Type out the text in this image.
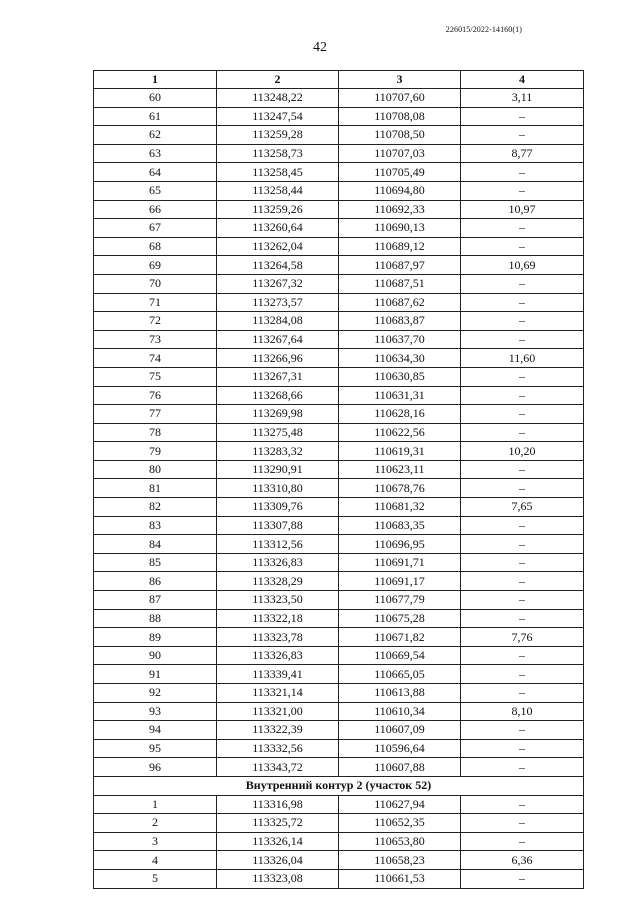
226015/2022-14160(1)
42
1	2	3	4
60	113248,22	110707,60	3,11
61	113247,54	110708,08	–
62	113259,28	110708,50	–
63	113258,73	110707,03	8,77
64	113258,45	110705,49	–
65	113258,44	110694,80	–
66	113259,26	110692,33	10,97
67	113260,64	110690,13	–
68	113262,04	110689,12	–
69	113264,58	110687,97	10,69
70	113267,32	110687,51	–
71	113273,57	110687,62	–
72	113284,08	110683,87	–
73	113267,64	110637,70	–
74	113266,96	110634,30	11,60
75	113267,31	110630,85	–
76	113268,66	110631,31	–
77	113269,98	110628,16	–
78	113275,48	110622,56	–
79	113283,32	110619,31	10,20
80	113290,91	110623,11	–
81	113310,80	110678,76	–
82	113309,76	110681,32	7,65
83	113307,88	110683,35	–
84	113312,56	110696,95	–
85	113326,83	110691,71	–
86	113328,29	110691,17	–
87	113323,50	110677,79	–
88	113322,18	110675,28	–
89	113323,78	110671,82	7,76
90	113326,83	110669,54	–
91	113339,41	110665,05	–
92	113321,14	110613,88	–
93	113321,00	110610,34	8,10
94	113322,39	110607,09	–
95	113332,56	110596,64	–
96	113343,72	110607,88	–
Внутренний контур 2 (участок 52)			
1	113316,98	110627,94	–
2	113325,72	110652,35	–
3	113326,14	110653,80	–
4	113326,04	110658,23	6,36
5	113323,08	110661,53	–
